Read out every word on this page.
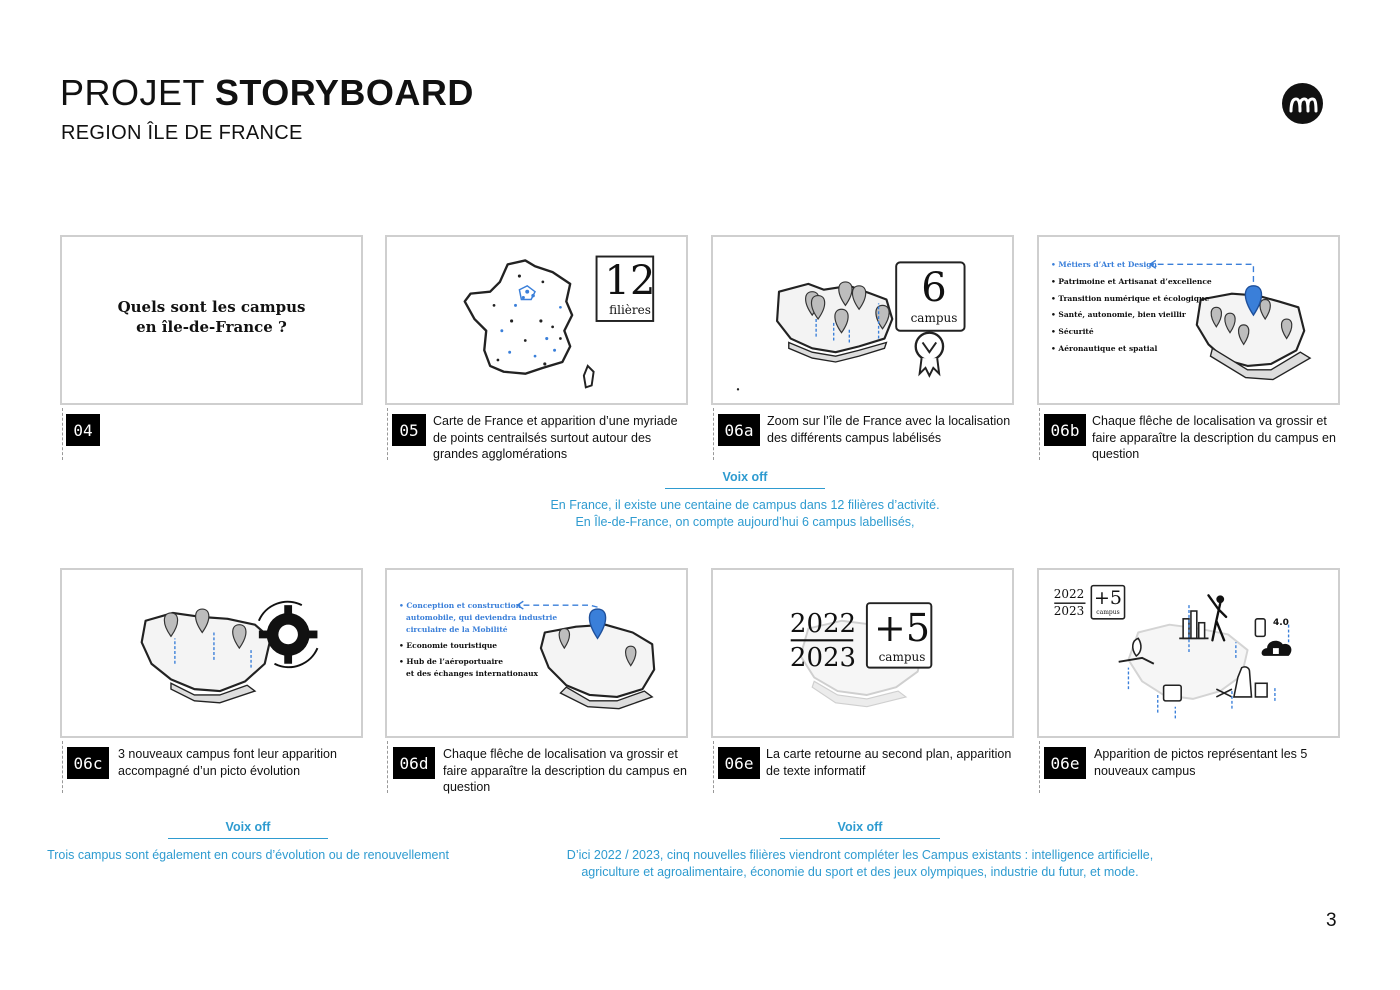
PROJET STORYBOARD
REGION ÎLE DE FRANCE
Quels sont les campus
en île-de-France ?
12
filières	6
campus
• Métiers d’Art et Design
• Patrimoine et Artisanat d’excellence
• Transition numérique et écologique
• Santé, autonomie, bien vieillir
• Sécurité
• Aéronautique et spatial
04	05	Carte de France et apparition d’une myriade de points centrailsés surtout autour des grandes agglomérations
06a	Zoom sur l’île de France avec la localisation des différents campus labélisés	06b	Chaque flêche de localisation va grossir et faire apparaître la description du campus en question
Voix off
En France, il existe une centaine de campus dans 12 filières d’activité.
En Île-de-France, on compte aujourd’hui 6 campus labellisés,
• Conception et construction
automobile, qui deviendra industrie
circulaire de la Mobilité
• Economie touristique
• Hub de l’aéroportuaire
et des échanges internationaux
2022
2023
+5
campus
2022
2023
+5
campus
4.0
06c	3 nouveaux campus font leur apparition accompagné d’un picto évolution	06d	Chaque flêche de localisation va grossir et faire apparaître la description du campus en question
06e	La carte retourne au second plan, apparition de texte informatif	06e	Apparition de pictos représentant les 5 nouveaux campus
Voix off
Trois campus sont également en cours d’évolution ou de renouvellement
Voix off
D’ici 2022 / 2023, cinq nouvelles filières viendront compléter les Campus existants : intelligence artificielle,
agriculture et agroalimentaire, économie du sport et des jeux olympiques, industrie du futur, et mode.
3
